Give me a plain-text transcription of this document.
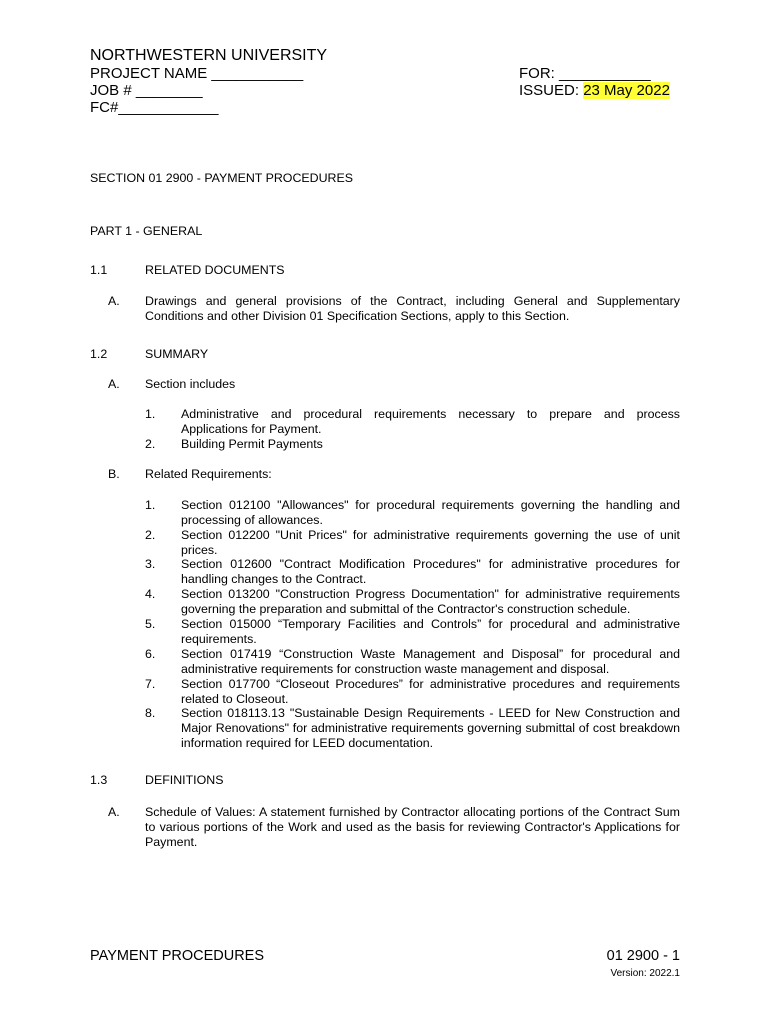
NORTHWESTERN UNIVERSITY
PROJECT NAME ___________
JOB # ________
FC#____________
FOR: ___________
ISSUED: 23 May 2022
SECTION 01 2900 - PAYMENT PROCEDURES
PART 1 - GENERAL
1.1	RELATED DOCUMENTS
A. Drawings and general provisions of the Contract, including General and Supplementary Conditions and other Division 01 Specification Sections, apply to this Section.
1.2	SUMMARY
A. Section includes
1. Administrative and procedural requirements necessary to prepare and process Applications for Payment.
2. Building Permit Payments
B. Related Requirements:
1. Section 012100 "Allowances" for procedural requirements governing the handling and processing of allowances.
2. Section 012200 "Unit Prices" for administrative requirements governing the use of unit prices.
3. Section 012600 "Contract Modification Procedures" for administrative procedures for handling changes to the Contract.
4. Section 013200 "Construction Progress Documentation" for administrative requirements governing the preparation and submittal of the Contractor's construction schedule.
5. Section 015000 “Temporary Facilities and Controls” for procedural and administrative requirements.
6. Section 017419 “Construction Waste Management and Disposal” for procedural and administrative requirements for construction waste management and disposal.
7. Section 017700 “Closeout Procedures” for administrative procedures and requirements related to Closeout.
8. Section 018113.13 "Sustainable Design Requirements - LEED for New Construction and Major Renovations" for administrative requirements governing submittal of cost breakdown information required for LEED documentation.
1.3	DEFINITIONS
A. Schedule of Values: A statement furnished by Contractor allocating portions of the Contract Sum to various portions of the Work and used as the basis for reviewing Contractor's Applications for Payment.
PAYMENT PROCEDURES	01 2900 - 1
Version: 2022.1
